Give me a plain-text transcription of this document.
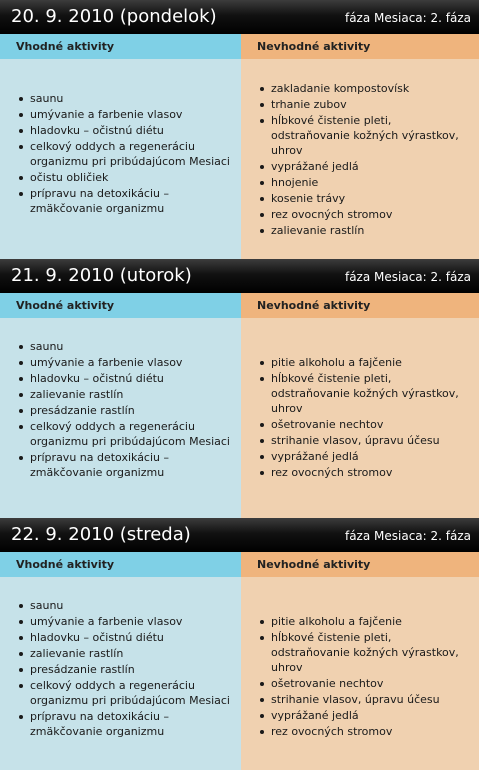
20. 9. 2010 (pondelok)	fáza Mesiaca: 2. fáza
Vhodné aktivity
saunu
umývanie a farbenie vlasov
hladovku – očistnú diétu
celkový oddych a regeneráciu organizmu pri pribúdajúcom Mesiaci
očistu obličiek
prípravu na detoxikáciu – zmäkčovanie organizmu
Nevhodné aktivity
zakladanie kompostovísk
trhanie zubov
hĺbkové čistenie pleti, odstraňovanie kožných výrastkov, uhrov
vyprážané jedlá
hnojenie
kosenie trávy
rez ovocných stromov
zalievanie rastlín
21. 9. 2010 (utorok)	fáza Mesiaca: 2. fáza
Vhodné aktivity
saunu
umývanie a farbenie vlasov
hladovku – očistnú diétu
zalievanie rastlín
presádzanie rastlín
celkový oddych a regeneráciu organizmu pri pribúdajúcom Mesiaci
prípravu na detoxikáciu – zmäkčovanie organizmu
Nevhodné aktivity
pitie alkoholu a fajčenie
hĺbkové čistenie pleti, odstraňovanie kožných výrastkov, uhrov
ošetrovanie nechtov
strihanie vlasov, úpravu účesu
vyprážané jedlá
rez ovocných stromov
22. 9. 2010 (streda)	fáza Mesiaca: 2. fáza
Vhodné aktivity
saunu
umývanie a farbenie vlasov
hladovku – očistnú diétu
zalievanie rastlín
presádzanie rastlín
celkový oddych a regeneráciu organizmu pri pribúdajúcom Mesiaci
prípravu na detoxikáciu – zmäkčovanie organizmu
Nevhodné aktivity
pitie alkoholu a fajčenie
hĺbkové čistenie pleti, odstraňovanie kožných výrastkov, uhrov
ošetrovanie nechtov
strihanie vlasov, úpravu účesu
vyprážané jedlá
rez ovocných stromov
